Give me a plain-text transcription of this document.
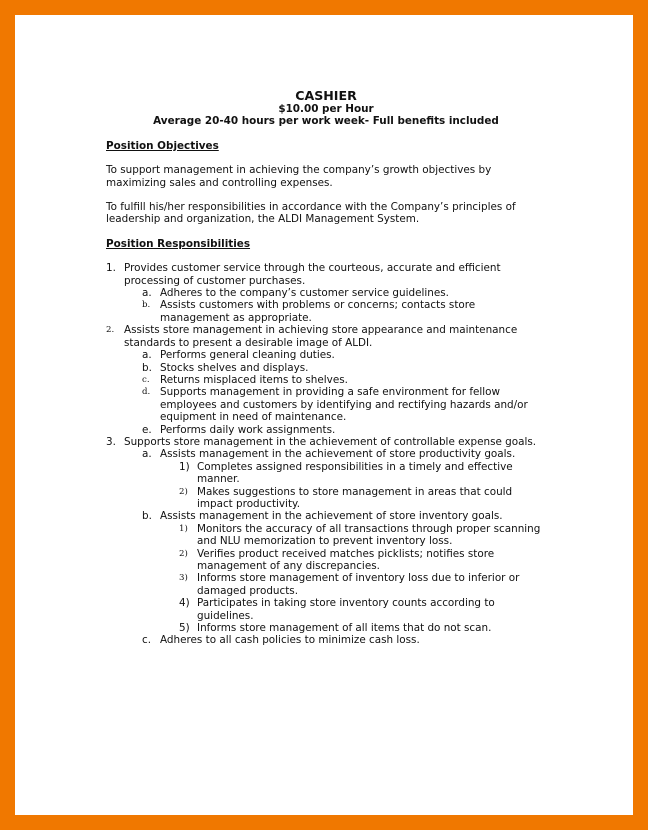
CASHIER
$10.00 per Hour
Average 20-40 hours per work week- Full benefits included
Position Objectives
To support management in achieving the company’s growth objectives by maximizing sales and controlling expenses.
To fulfill his/her responsibilities in accordance with the Company’s principles of leadership and organization, the ALDI Management System.
Position Responsibilities
1. Provides customer service through the courteous, accurate and efficient processing of customer purchases.
a. Adheres to the company’s customer service guidelines.
b. Assists customers with problems or concerns; contacts store management as appropriate.
2. Assists store management in achieving store appearance and maintenance standards to present a desirable image of ALDI.
a. Performs general cleaning duties.
b. Stocks shelves and displays.
c. Returns misplaced items to shelves.
d. Supports management in providing a safe environment for fellow employees and customers by identifying and rectifying hazards and/or equipment in need of maintenance.
e. Performs daily work assignments.
3. Supports store management in the achievement of controllable expense goals.
a. Assists management in the achievement of store productivity goals.
1) Completes assigned responsibilities in a timely and effective manner.
2) Makes suggestions to store management in areas that could impact productivity.
b. Assists management in the achievement of store inventory goals.
1) Monitors the accuracy of all transactions through proper scanning and NLU memorization to prevent inventory loss.
2) Verifies product received matches picklists; notifies store management of any discrepancies.
3) Informs store management of inventory loss due to inferior or damaged products.
4) Participates in taking store inventory counts according to guidelines.
5) Informs store management of all items that do not scan.
c. Adheres to all cash policies to minimize cash loss.
